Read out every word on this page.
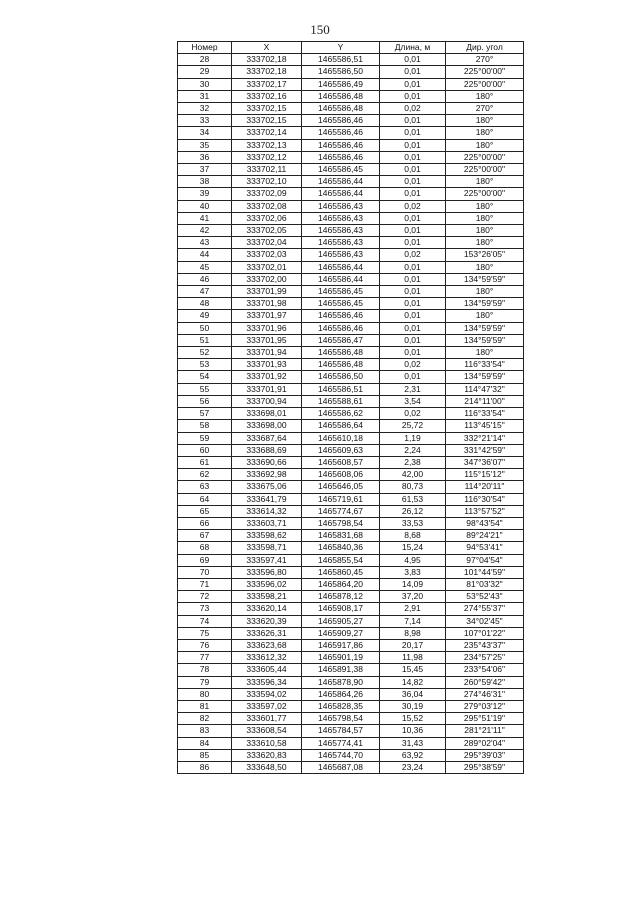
150
Номер	X	Y	Длина, м	Дир. угол
28	333702,18	1465586,51	0,01	270°
29	333702,18	1465586,50	0,01	225°00'00"
30	333702,17	1465586,49	0,01	225°00'00"
31	333702,16	1465586,48	0,01	180°
32	333702,15	1465586,48	0,02	270°
33	333702,15	1465586,46	0,01	180°
34	333702,14	1465586,46	0,01	180°
35	333702,13	1465586,46	0,01	180°
36	333702,12	1465586,46	0,01	225°00'00"
37	333702,11	1465586,45	0,01	225°00'00"
38	333702,10	1465586,44	0,01	180°
39	333702,09	1465586,44	0,01	225°00'00"
40	333702,08	1465586,43	0,02	180°
41	333702,06	1465586,43	0,01	180°
42	333702,05	1465586,43	0,01	180°
43	333702,04	1465586,43	0,01	180°
44	333702,03	1465586,43	0,02	153°26'05"
45	333702,01	1465586,44	0,01	180°
46	333702,00	1465586,44	0,01	134°59'59"
47	333701,99	1465586,45	0,01	180°
48	333701,98	1465586,45	0,01	134°59'59"
49	333701,97	1465586,46	0,01	180°
50	333701,96	1465586,46	0,01	134°59'59"
51	333701,95	1465586,47	0,01	134°59'59"
52	333701,94	1465586,48	0,01	180°
53	333701,93	1465586,48	0,02	116°33'54"
54	333701,92	1465586,50	0,01	134°59'59"
55	333701,91	1465586,51	2,31	114°47'32"
56	333700,94	1465588,61	3,54	214°11'00"
57	333698,01	1465586,62	0,02	116°33'54"
58	333698,00	1465586,64	25,72	113°45'15"
59	333687,64	1465610,18	1,19	332°21'14"
60	333688,69	1465609,63	2,24	331°42'59"
61	333690,66	1465608,57	2,38	347°36'07"
62	333692,98	1465608,06	42,00	115°15'12"
63	333675,06	1465646,05	80,73	114°20'11"
64	333641,79	1465719,61	61,53	116°30'54"
65	333614,32	1465774,67	26,12	113°57'52"
66	333603,71	1465798,54	33,53	98°43'54"
67	333598,62	1465831,68	8,68	89°24'21"
68	333598,71	1465840,36	15,24	94°53'41"
69	333597,41	1465855,54	4,95	97°04'54"
70	333596,80	1465860,45	3,83	101°44'59"
71	333596,02	1465864,20	14,09	81°03'32"
72	333598,21	1465878,12	37,20	53°52'43"
73	333620,14	1465908,17	2,91	274°55'37"
74	333620,39	1465905,27	7,14	34°02'45"
75	333626,31	1465909,27	8,98	107°01'22"
76	333623,68	1465917,86	20,17	235°43'37"
77	333612,32	1465901,19	11,98	234°57'25"
78	333605,44	1465891,38	15,45	233°54'06"
79	333596,34	1465878,90	14,82	260°59'42"
80	333594,02	1465864,26	36,04	274°46'31"
81	333597,02	1465828,35	30,19	279°03'12"
82	333601,77	1465798,54	15,52	295°51'19"
83	333608,54	1465784,57	10,36	281°21'11"
84	333610,58	1465774,41	31,43	289°02'04"
85	333620,83	1465744,70	63,92	295°39'03"
86	333648,50	1465687,08	23,24	295°38'59"
